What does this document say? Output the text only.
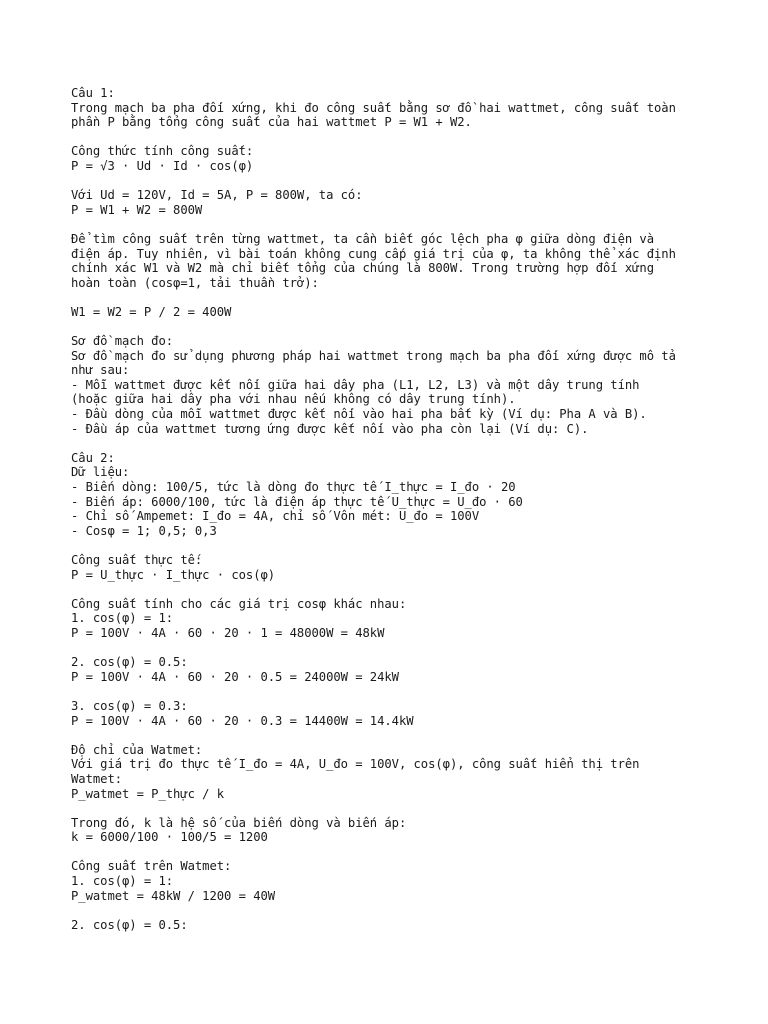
Câu 1:
Trong mạch ba pha đối xứng, khi đo công suất bằng sơ đồ hai wattmet, công suất toàn
phần P bằng tổng công suất của hai wattmet P = W1 + W2.
Công thức tính công suất:
P = √3 · Ud · Id · cos(φ)
Với Ud = 120V, Id = 5A, P = 800W, ta có:
P = W1 + W2 = 800W
Để tìm công suất trên từng wattmet, ta cần biết góc lệch pha φ giữa dòng điện và
điện áp. Tuy nhiên, vì bài toán không cung cấp giá trị của φ, ta không thể xác định
chính xác W1 và W2 mà chỉ biết tổng của chúng là 800W. Trong trường hợp đối xứng
hoàn toàn (cosφ=1, tải thuần trở):
W1 = W2 = P / 2 = 400W
Sơ đồ mạch đo:
Sơ đồ mạch đo sử dụng phương pháp hai wattmet trong mạch ba pha đối xứng được mô tả
như sau:
- Mỗi wattmet được kết nối giữa hai dây pha (L1, L2, L3) và một dây trung tính
(hoặc giữa hai dây pha với nhau nếu không có dây trung tính).
- Đầu dòng của mỗi wattmet được kết nối vào hai pha bất kỳ (Ví dụ: Pha A và B).
- Đầu áp của wattmet tương ứng được kết nối vào pha còn lại (Ví dụ: C).
Câu 2:
Dữ liệu:
- Biến dòng: 100/5, tức là dòng đo thực tế I_thực = I_đo · 20
- Biến áp: 6000/100, tức là điện áp thực tế U_thực = U_đo · 60
- Chỉ số Ampemet: I_đo = 4A, chỉ số Vôn mét: U_đo = 100V
- Cosφ = 1; 0,5; 0,3
Công suất thực tế:
P = U_thực · I_thực · cos(φ)
Công suất tính cho các giá trị cosφ khác nhau:
1. cos(φ) = 1:
P = 100V · 4A · 60 · 20 · 1 = 48000W = 48kW
2. cos(φ) = 0.5:
P = 100V · 4A · 60 · 20 · 0.5 = 24000W = 24kW
3. cos(φ) = 0.3:
P = 100V · 4A · 60 · 20 · 0.3 = 14400W = 14.4kW
Độ chỉ của Watmet:
Với giá trị đo thực tế I_đo = 4A, U_đo = 100V, cos(φ), công suất hiển thị trên
Watmet:
P_watmet = P_thực / k
Trong đó, k là hệ số của biến dòng và biến áp:
k = 6000/100 · 100/5 = 1200
Công suất trên Watmet:
1. cos(φ) = 1:
P_watmet = 48kW / 1200 = 40W
2. cos(φ) = 0.5:
